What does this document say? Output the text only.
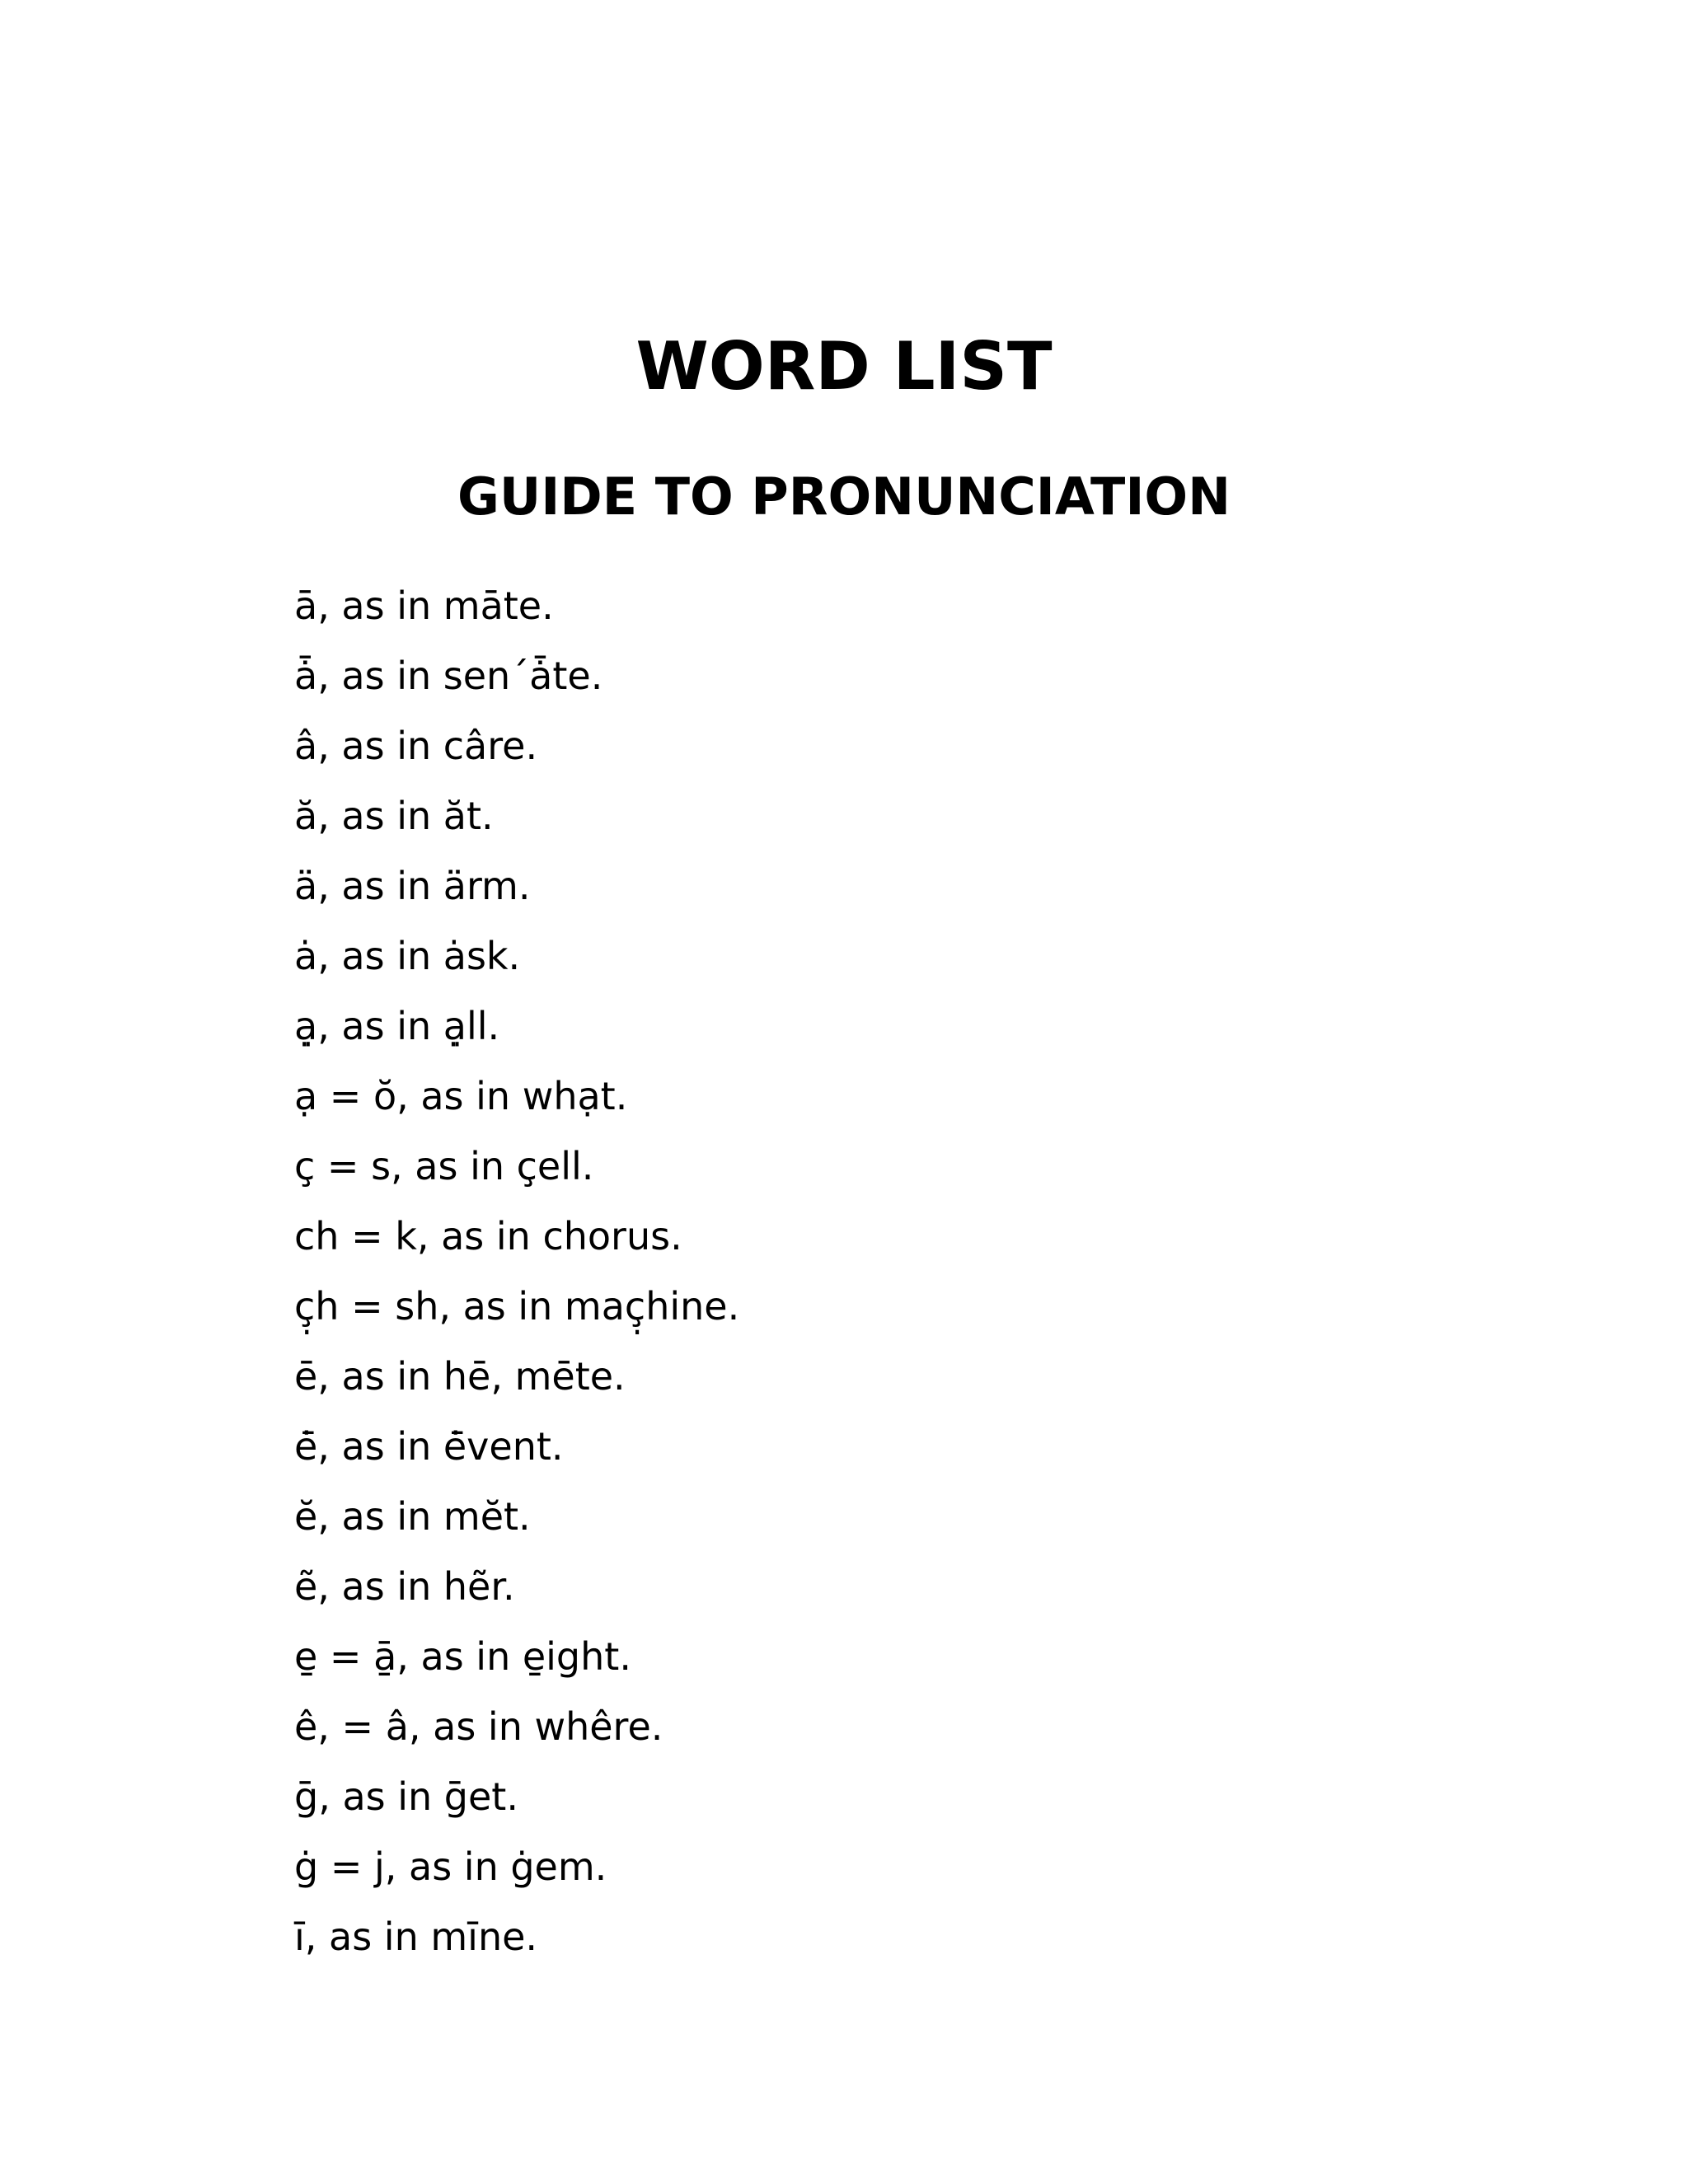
WORD LIST
GUIDE TO PRONUNCIATION
ā, as in māte.
ǡ, as in sen´ǡte.
â, as in câre.
ă, as in ăt.
ä, as in ärm.
ȧ, as in ȧsk.
ạ̣, as in ạ̣ll.
ạ = ŏ, as in whạt.
ç = s, as in çell.
ch = k, as in chorus.
ç̣h = sh, as in maç̣hine.
ē, as in hē, mēte.
ė̄, as in ė̄vent.
ĕ, as in mĕt.
ẽ, as in hẽr.
e̱ = ā̱, as in e̱ight.
ê, = â, as in whêre.
ḡ, as in ḡet.
ġ = j, as in ġem.
ī, as in mīne.
